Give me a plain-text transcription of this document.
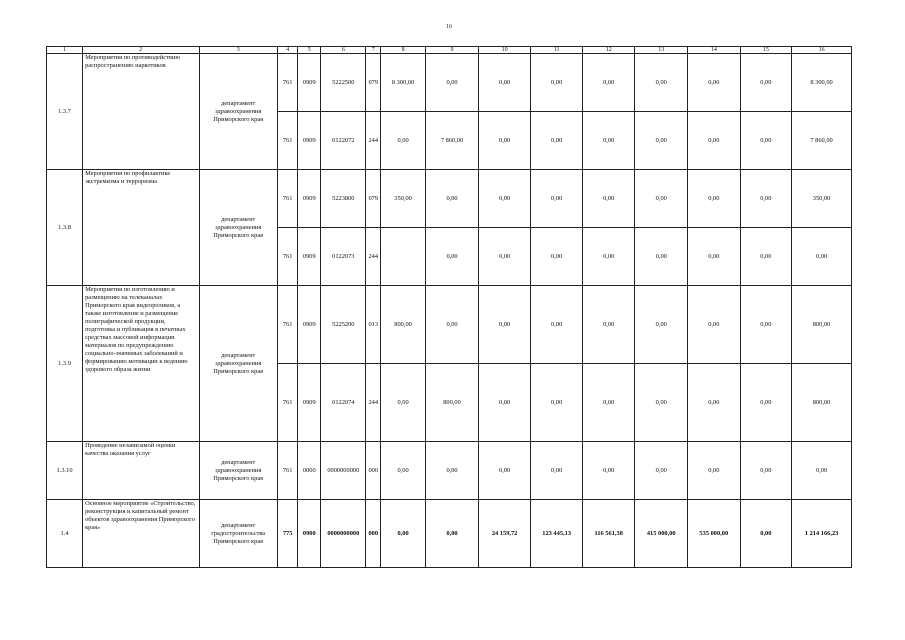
16
1	2	3	4	5	6	7	8	9	10	11	12	13	14	15	16
1.3.7	Мероприятия по противодействию распространению наркотиков	департамент здравоохранения Приморского края	761	0909	5222500	079	8 300,00	0,00	0,00	0,00	0,00	0,00	0,00	0,00	8 300,00
			761	0909	0122072	244	0,00	7 860,00	0,00	0,00	0,00	0,00	0,00	0,00	7 860,00
1.3.8	Мероприятия по профилактике экстремизма и терроризма	департамент здравоохранения Приморского края	761	0909	5223800	079	350,00	0,00	0,00	0,00	0,00	0,00	0,00	0,00	350,00
			761	0909	0122073	244		0,00	0,00	0,00	0,00	0,00	0,00	0,00	0,00
1.3.9	Мероприятия по изготовлению и размещению на телеканалах Приморского края видеороликов, а также изготовление и размещение полиграфической продукции, подготовка и публикация в печатных средствах массовой информации материалов по предупреждению социально-значимых заболеваний и формированию мотивации к ведению здорового образа жизни	департамент здравоохранения Приморского края	761	0909	5225200	013	800,00	0,00	0,00	0,00	0,00	0,00	0,00	0,00	800,00
			761	0909	0122074	244	0,00	800,00	0,00	0,00	0,00	0,00	0,00	0,00	800,00
1.3.10	Проведение независимой оценки качества оказания услуг	департамент здравоохранения Приморского края	761	0000	0000000000	000	0,00	0,00	0,00	0,00	0,00	0,00	0,00	0,00	0,00
1.4	Основное мероприятие «Строительство, реконструкция и капитальный ремонт объектов здравоохранения Приморского края»	департамент градостроительства Приморского края	775	0900	0000000000	000	0,00	0,00	24 159,72	123 445,13	116 561,38	415 000,00	535 000,00	0,00	1 214 166,23
